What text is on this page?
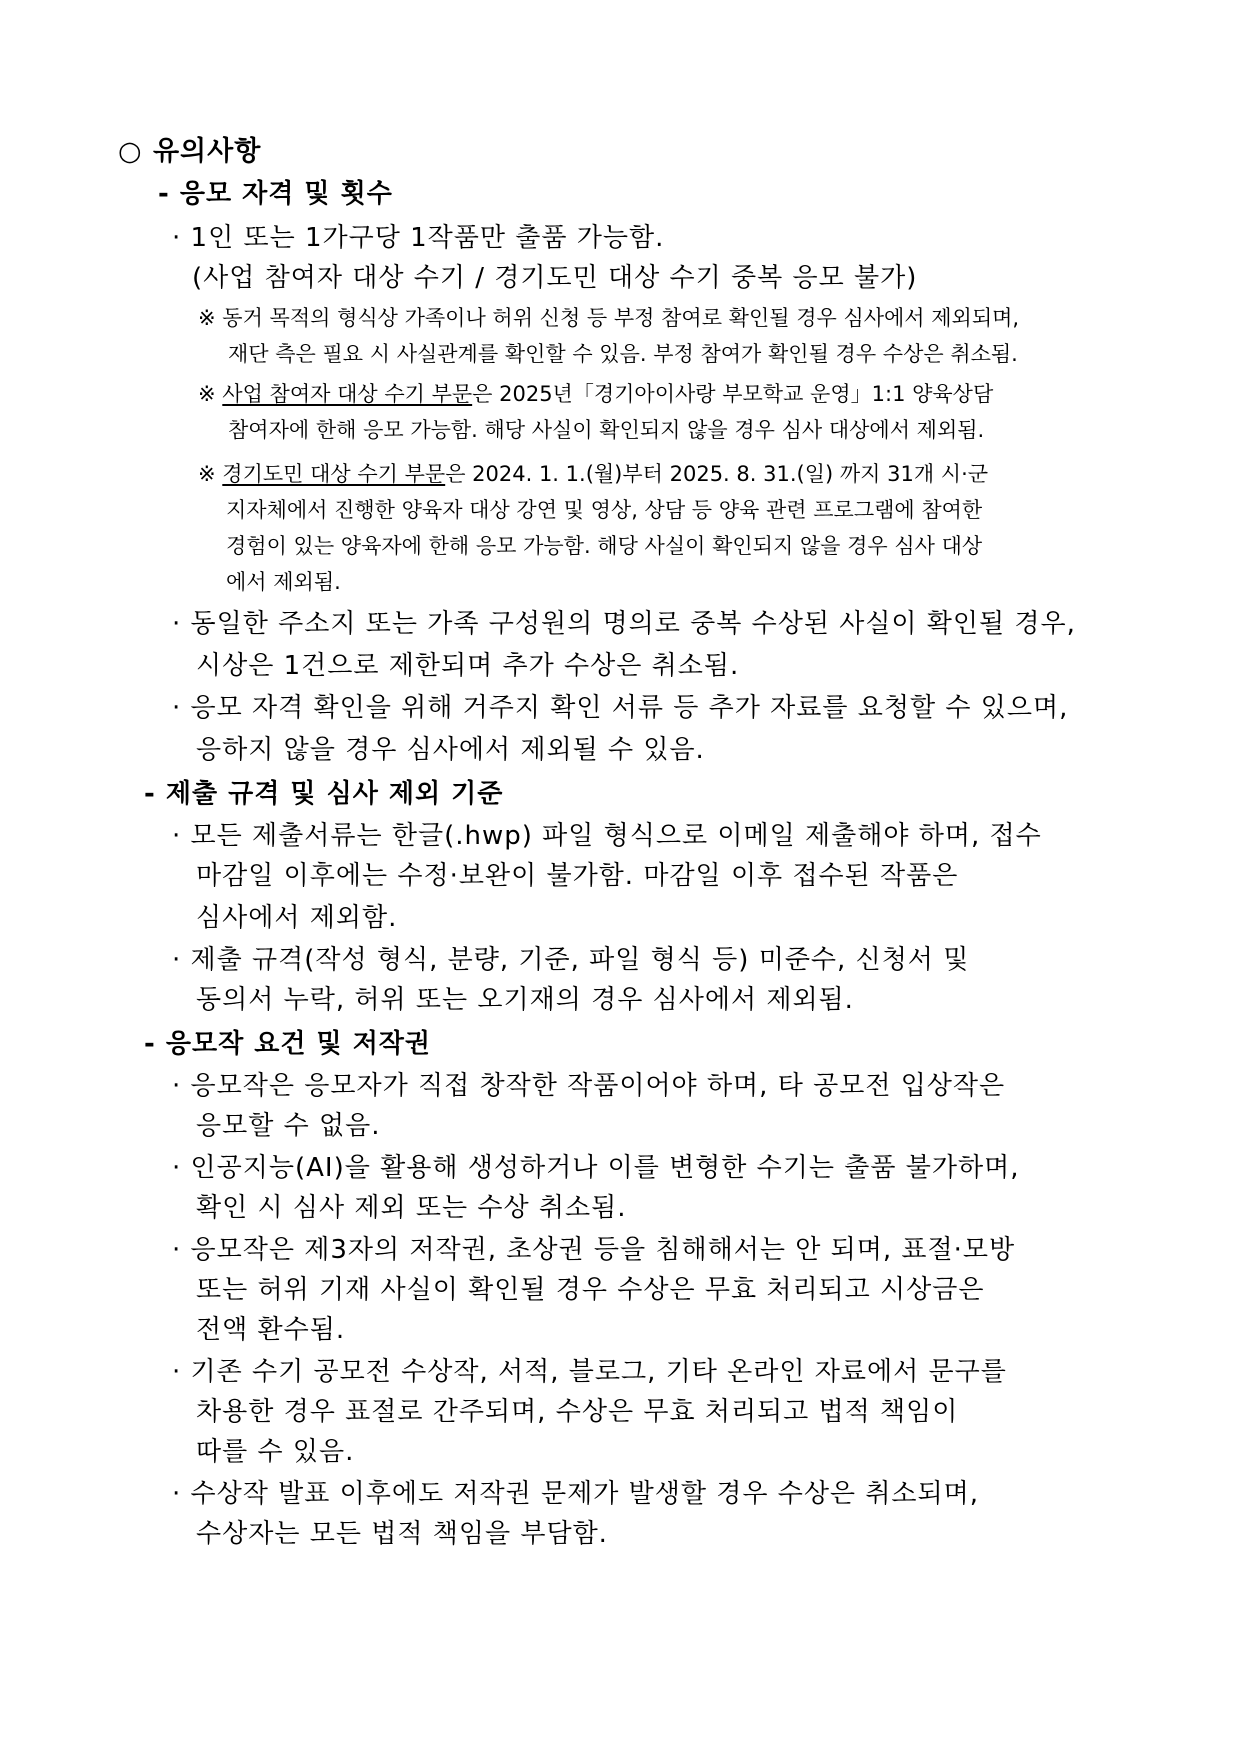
○ 유의사항
- 응모 자격 및 횟수
· 1인 또는 1가구당 1작품만 출품 가능함.
(사업 참여자 대상 수기 / 경기도민 대상 수기 중복 응모 불가)
※ 동거 목적의 형식상 가족이나 허위 신청 등 부정 참여로 확인될 경우 심사에서 제외되며,
재단 측은 필요 시 사실관계를 확인할 수 있음. 부정 참여가 확인될 경우 수상은 취소됨.
※ 사업 참여자 대상 수기 부문은 2025년「경기아이사랑 부모학교 운영」1:1 양육상담
참여자에 한해 응모 가능함. 해당 사실이 확인되지 않을 경우 심사 대상에서 제외됨.
※ 경기도민 대상 수기 부문은 2024. 1. 1.(월)부터 2025. 8. 31.(일) 까지 31개 시·군
지자체에서 진행한 양육자 대상 강연 및 영상, 상담 등 양육 관련 프로그램에 참여한
경험이 있는 양육자에 한해 응모 가능함. 해당 사실이 확인되지 않을 경우 심사 대상
에서 제외됨.
· 동일한 주소지 또는 가족 구성원의 명의로 중복 수상된 사실이 확인될 경우,
시상은 1건으로 제한되며 추가 수상은 취소됨.
· 응모 자격 확인을 위해 거주지 확인 서류 등 추가 자료를 요청할 수 있으며,
응하지 않을 경우 심사에서 제외될 수 있음.
- 제출 규격 및 심사 제외 기준
· 모든 제출서류는 한글(.hwp) 파일 형식으로 이메일 제출해야 하며, 접수
마감일 이후에는 수정·보완이 불가함. 마감일 이후 접수된 작품은
심사에서 제외함.
· 제출 규격(작성 형식, 분량, 기준, 파일 형식 등) 미준수, 신청서 및
동의서 누락, 허위 또는 오기재의 경우 심사에서 제외됨.
- 응모작 요건 및 저작권
· 응모작은 응모자가 직접 창작한 작품이어야 하며, 타 공모전 입상작은
응모할 수 없음.
· 인공지능(AI)을 활용해 생성하거나 이를 변형한 수기는 출품 불가하며,
확인 시 심사 제외 또는 수상 취소됨.
· 응모작은 제3자의 저작권, 초상권 등을 침해해서는 안 되며, 표절·모방
또는 허위 기재 사실이 확인될 경우 수상은 무효 처리되고 시상금은
전액 환수됨.
· 기존 수기 공모전 수상작, 서적, 블로그, 기타 온라인 자료에서 문구를
차용한 경우 표절로 간주되며, 수상은 무효 처리되고 법적 책임이
따를 수 있음.
· 수상작 발표 이후에도 저작권 문제가 발생할 경우 수상은 취소되며,
수상자는 모든 법적 책임을 부담함.
